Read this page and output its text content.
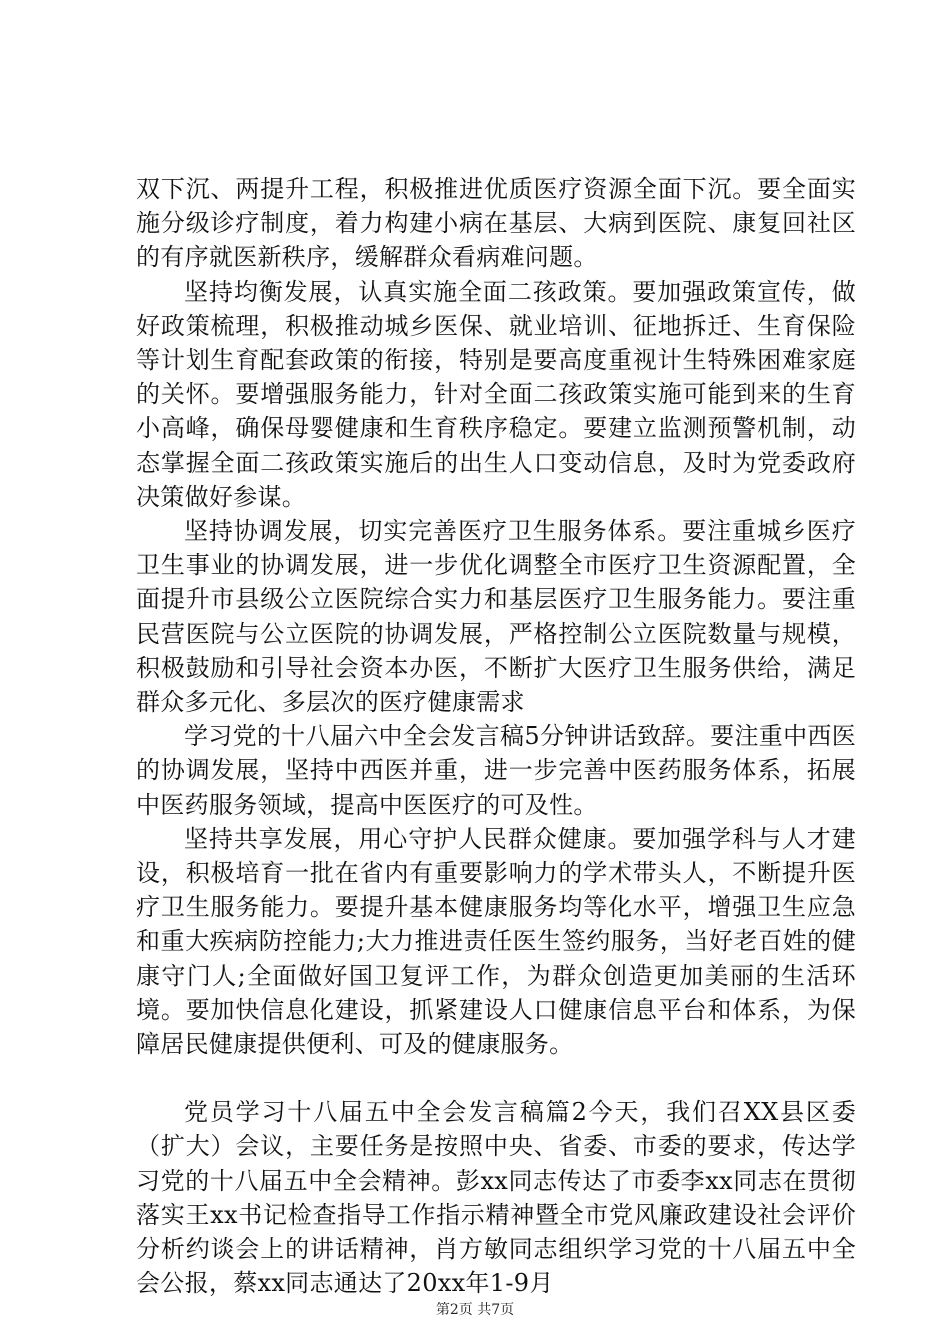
双下沉、两提升工程，积极推进优质医疗资源全面下沉。要全面实施分级诊疗制度，着力构建小病在基层、大病到医院、康复回社区的有序就医新秩序，缓解群众看病难问题。

坚持均衡发展，认真实施全面二孩政策。要加强政策宣传，做好政策梳理，积极推动城乡医保、就业培训、征地拆迁、生育保险等计划生育配套政策的衔接，特别是要高度重视计生特殊困难家庭的关怀。要增强服务能力，针对全面二孩政策实施可能到来的生育小高峰，确保母婴健康和生育秩序稳定。要建立监测预警机制，动态掌握全面二孩政策实施后的出生人口变动信息，及时为党委政府决策做好参谋。

坚持协调发展，切实完善医疗卫生服务体系。要注重城乡医疗卫生事业的协调发展，进一步优化调整全市医疗卫生资源配置，全面提升市县级公立医院综合实力和基层医疗卫生服务能力。要注重民营医院与公立医院的协调发展，严格控制公立医院数量与规模，积极鼓励和引导社会资本办医，不断扩大医疗卫生服务供给，满足群众多元化、多层次的医疗健康需求

学习党的十八届六中全会发言稿5分钟讲话致辞。要注重中西医的协调发展，坚持中西医并重，进一步完善中医药服务体系，拓展中医药服务领域，提高中医医疗的可及性。

坚持共享发展，用心守护人民群众健康。要加强学科与人才建设，积极培育一批在省内有重要影响力的学术带头人，不断提升医疗卫生服务能力。要提升基本健康服务均等化水平，增强卫生应急和重大疾病防控能力;大力推进责任医生签约服务，当好老百姓的健康守门人;全面做好国卫复评工作，为群众创造更加美丽的生活环境。要加快信息化建设，抓紧建设人口健康信息平台和体系，为保障居民健康提供便利、可及的健康服务。

党员学习十八届五中全会发言稿篇2今天，我们召XX县区委（扩大）会议，主要任务是按照中央、省委、市委的要求，传达学习党的十八届五中全会精神。彭xx同志传达了市委李xx同志在贯彻落实王xx书记检查指导工作指示精神暨全市党风廉政建设社会评价分析约谈会上的讲话精神，肖方敏同志组织学习党的十八届五中全会公报，蔡xx同志通达了20xx年1-9月

第2页 共7页
